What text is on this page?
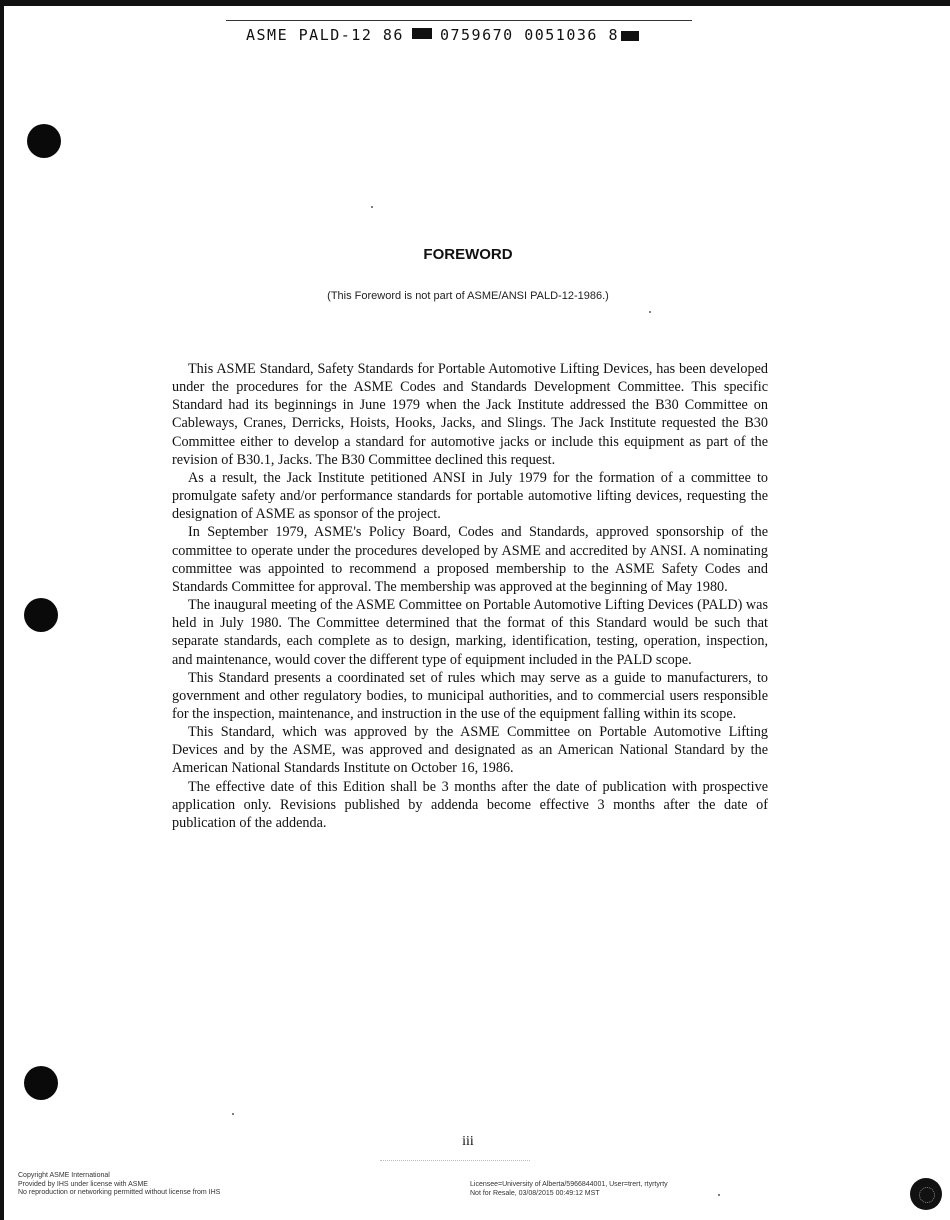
ASME PALD-12 86 0759670 0051036 8
FOREWORD
(This Foreword is not part of ASME/ANSI PALD-12-1986.)

This ASME Standard, Safety Standards for Portable Automotive Lifting Devices, has been developed under the procedures for the ASME Codes and Standards Development Committee. This specific Standard had its beginnings in June 1979 when the Jack Institute addressed the B30 Committee on Cableways, Cranes, Derricks, Hoists, Hooks, Jacks, and Slings. The Jack Institute requested the B30 Committee either to develop a standard for automotive jacks or include this equipment as part of the revision of B30.1, Jacks. The B30 Committee declined this request.

As a result, the Jack Institute petitioned ANSI in July 1979 for the formation of a committee to promulgate safety and/or performance standards for portable automotive lifting devices, requesting the designation of ASME as sponsor of the project.

In September 1979, ASME's Policy Board, Codes and Standards, approved sponsorship of the committee to operate under the procedures developed by ASME and accredited by ANSI. A nominating committee was appointed to recommend a proposed membership to the ASME Safety Codes and Standards Committee for approval. The membership was approved at the beginning of May 1980.

The inaugural meeting of the ASME Committee on Portable Automotive Lifting Devices (PALD) was held in July 1980. The Committee determined that the format of this Standard would be such that separate standards, each complete as to design, marking, identification, testing, operation, inspection, and maintenance, would cover the different type of equipment included in the PALD scope.

This Standard presents a coordinated set of rules which may serve as a guide to manufacturers, to government and other regulatory bodies, to municipal authorities, and to commercial users responsible for the inspection, maintenance, and instruction in the use of the equipment falling within its scope.

This Standard, which was approved by the ASME Committee on Portable Automotive Lifting Devices and by the ASME, was approved and designated as an American National Standard by the American National Standards Institute on October 16, 1986.

The effective date of this Edition shall be 3 months after the date of publication with prospective application only. Revisions published by addenda become effective 3 months after the date of publication of the addenda.

iii
Copyright ASME International
Provided by IHS under license with ASME
No reproduction or networking permitted without license from IHS
Licensee=University of Alberta/5966844001, User=trert, rtyrtyrty
Not for Resale, 03/08/2015 00:49:12 MST
